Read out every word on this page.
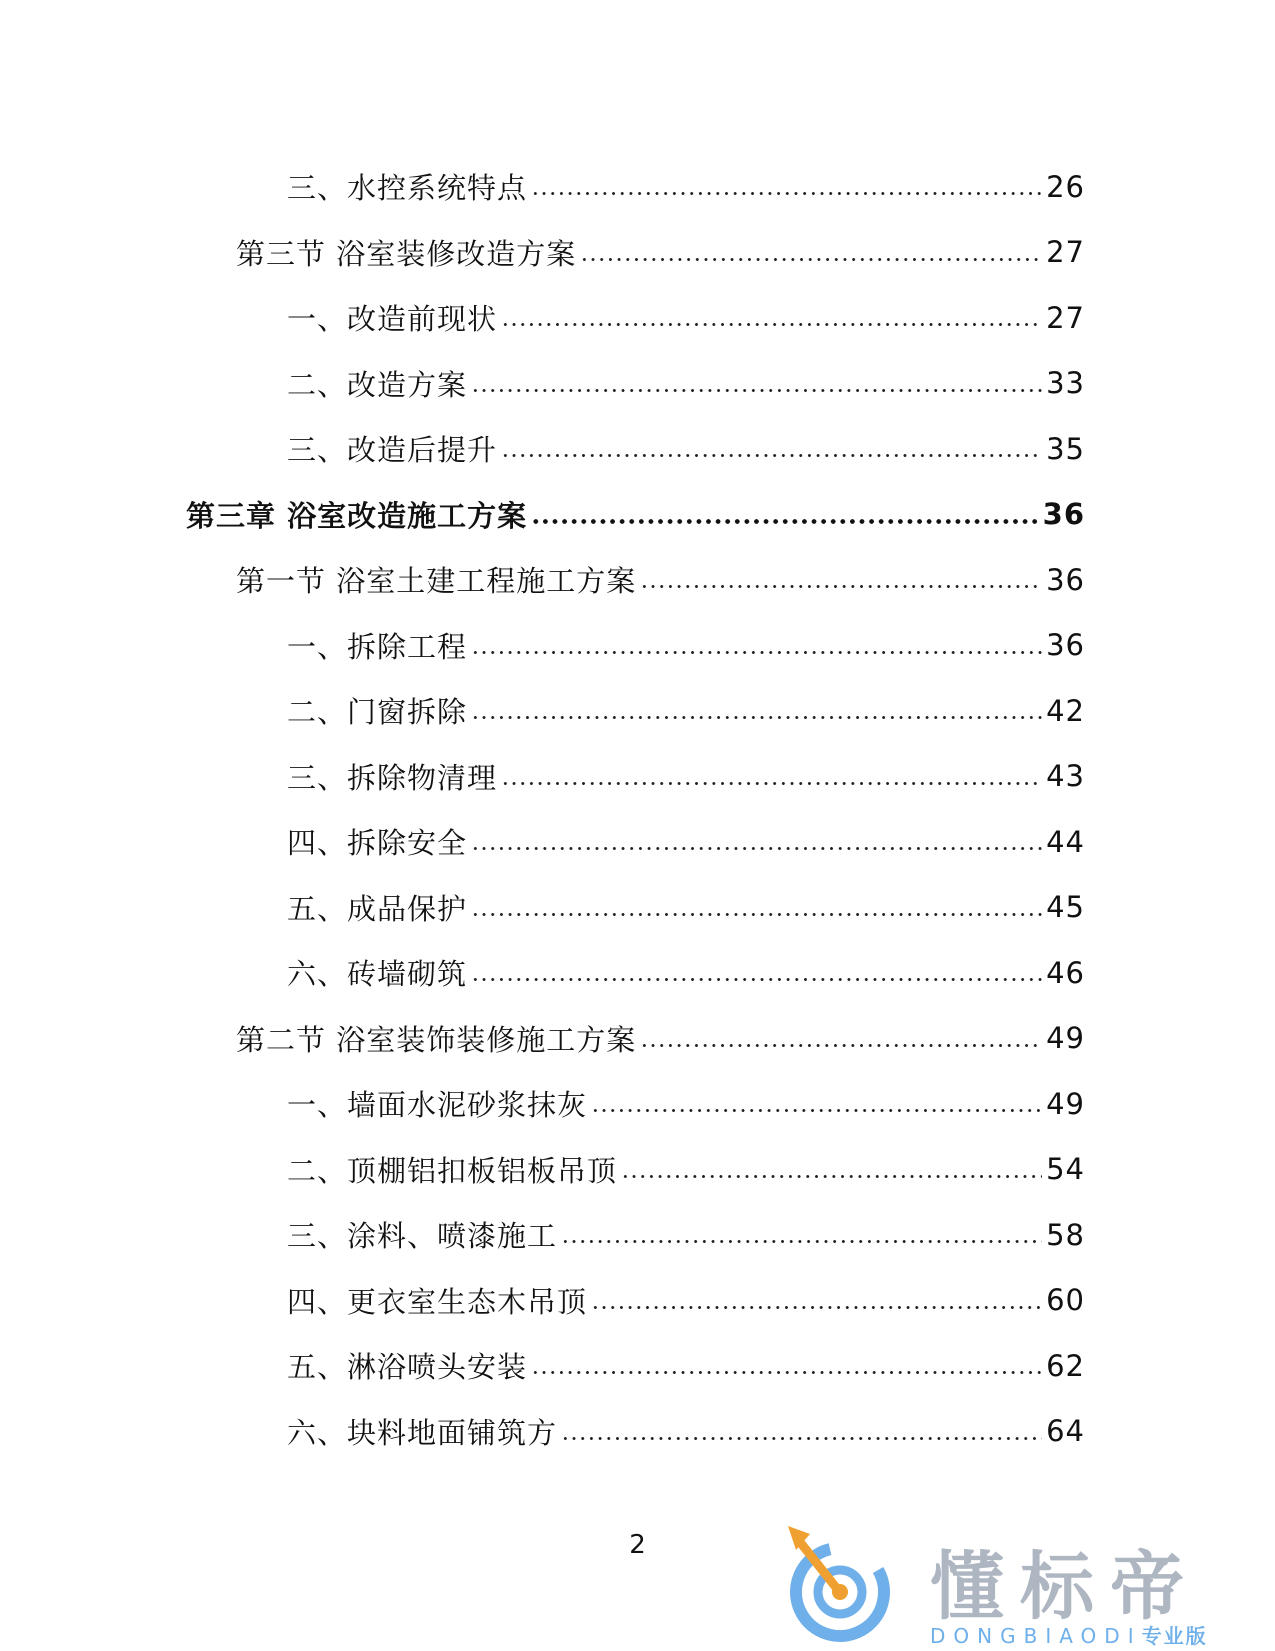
三、水控系统特点	26
第三节 浴室装修改造方案	27
一、改造前现状	27
二、改造方案	33
三、改造后提升	35
第三章 浴室改造施工方案	36
第一节 浴室土建工程施工方案	36
一、拆除工程	36
二、门窗拆除	42
三、拆除物清理	43
四、拆除安全	44
五、成品保护	45
六、砖墙砌筑	46
第二节 浴室装饰装修施工方案	49
一、墙面水泥砂浆抹灰	49
二、顶棚铝扣板铝板吊顶	54
三、涂料、喷漆施工	58
四、更衣室生态木吊顶	60
五、淋浴喷头安装	62
六、块料地面铺筑方	64
2	懂标帝
DONGBIAODI专业版
